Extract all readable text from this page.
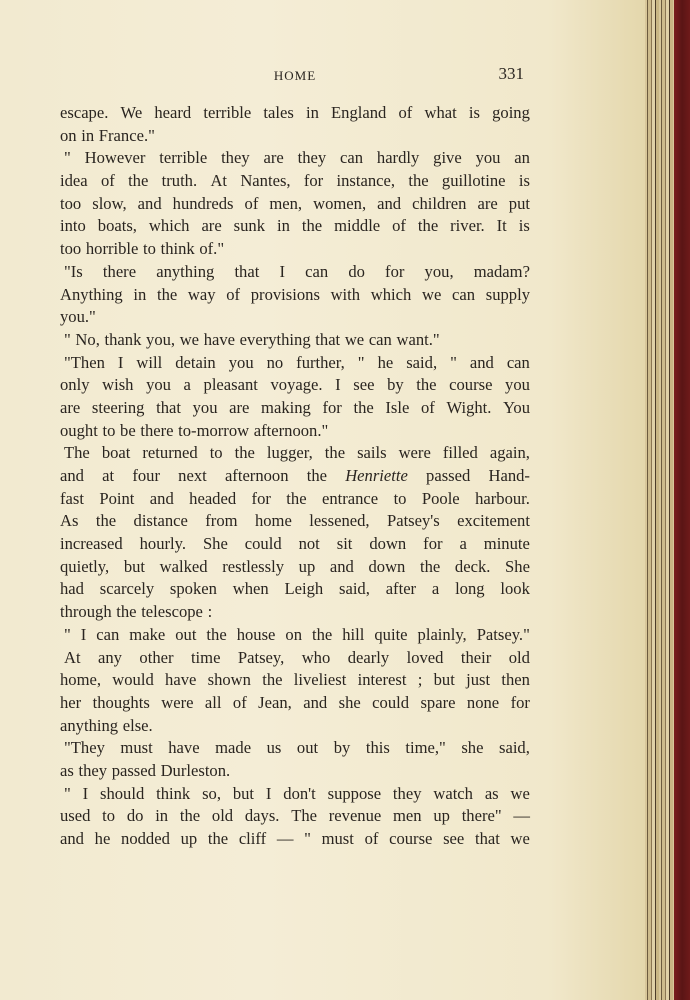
HOME	331
escape. We heard terrible tales in England of what is going
on in France."
" However terrible they are they can hardly give you an
idea of the truth. At Nantes, for instance, the guillotine is
too slow, and hundreds of men, women, and children are put
into boats, which are sunk in the middle of the river. It is
too horrible to think of."
"Is there anything that I can do for you, madam?
Anything in the way of provisions with which we can supply
you."
" No, thank you, we have everything that we can want."
"Then I will detain you no further, " he said, " and can
only wish you a pleasant voyage. I see by the course you
are steering that you are making for the Isle of Wight. You
ought to be there to-morrow afternoon."
The boat returned to the lugger, the sails were filled again,
and at four next afternoon the Henriette passed Hand-
fast Point and headed for the entrance to Poole harbour.
As the distance from home lessened, Patsey's excitement
increased hourly. She could not sit down for a minute
quietly, but walked restlessly up and down the deck. She
had scarcely spoken when Leigh said, after a long look
through the telescope :
" I can make out the house on the hill quite plainly, Patsey."
At any other time Patsey, who dearly loved their old
home, would have shown the liveliest interest ; but just then
her thoughts were all of Jean, and she could spare none for
anything else.
"They must have made us out by this time," she said,
as they passed Durleston.
" I should think so, but I don't suppose they watch as we
used to do in the old days. The revenue men up there" —
and he nodded up the cliff — " must of course see that we
